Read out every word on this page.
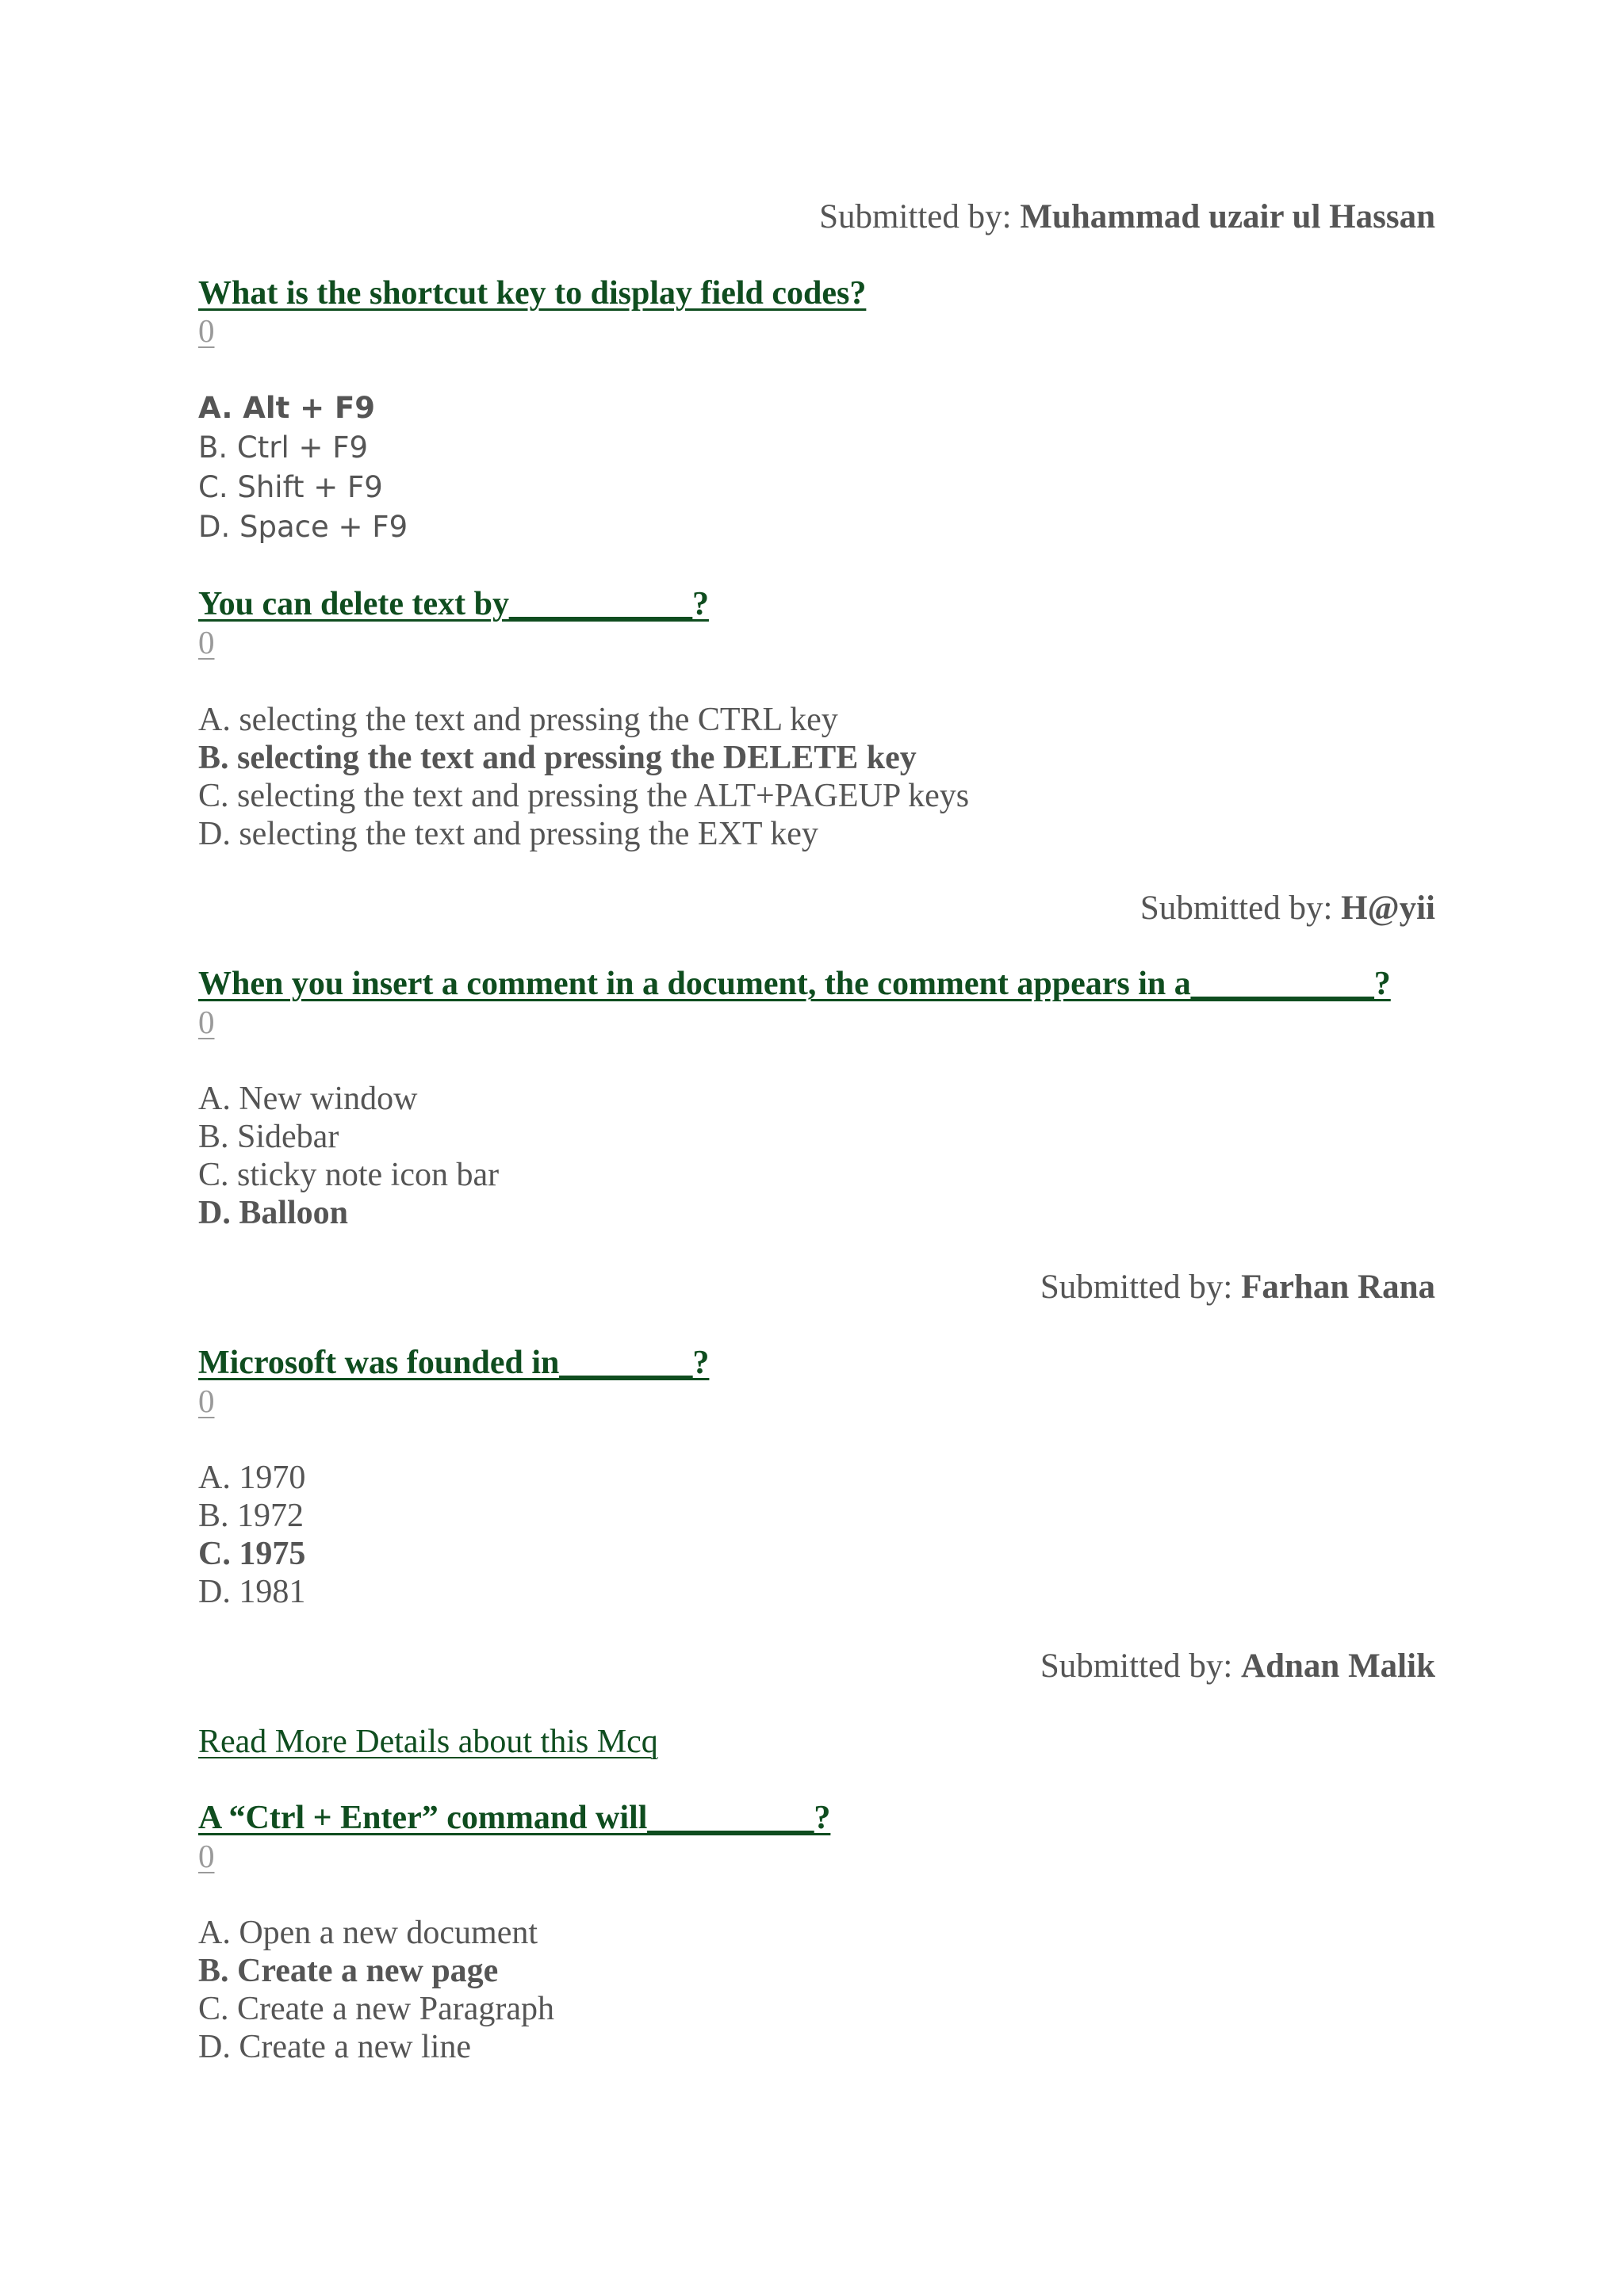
Submitted by: Muhammad uzair ul Hassan
What is the shortcut key to display field codes?
0
A. Alt + F9
B. Ctrl + F9
C. Shift + F9
D. Space + F9
You can delete text by___________?
0
A. selecting the text and pressing the CTRL key
B. selecting the text and pressing the DELETE key
C. selecting the text and pressing the ALT+PAGEUP keys
D. selecting the text and pressing the EXT key
Submitted by: H@yii
When you insert a comment in a document, the comment appears in a___________?
0
A. New window
B. Sidebar
C. sticky note icon bar
D. Balloon
Submitted by: Farhan Rana
Microsoft was founded in________?
0
A. 1970
B. 1972
C. 1975
D. 1981
Submitted by: Adnan Malik
Read More Details about this Mcq
A “Ctrl + Enter” command will__________?
0
A. Open a new document
B. Create a new page
C. Create a new Paragraph
D. Create a new line
